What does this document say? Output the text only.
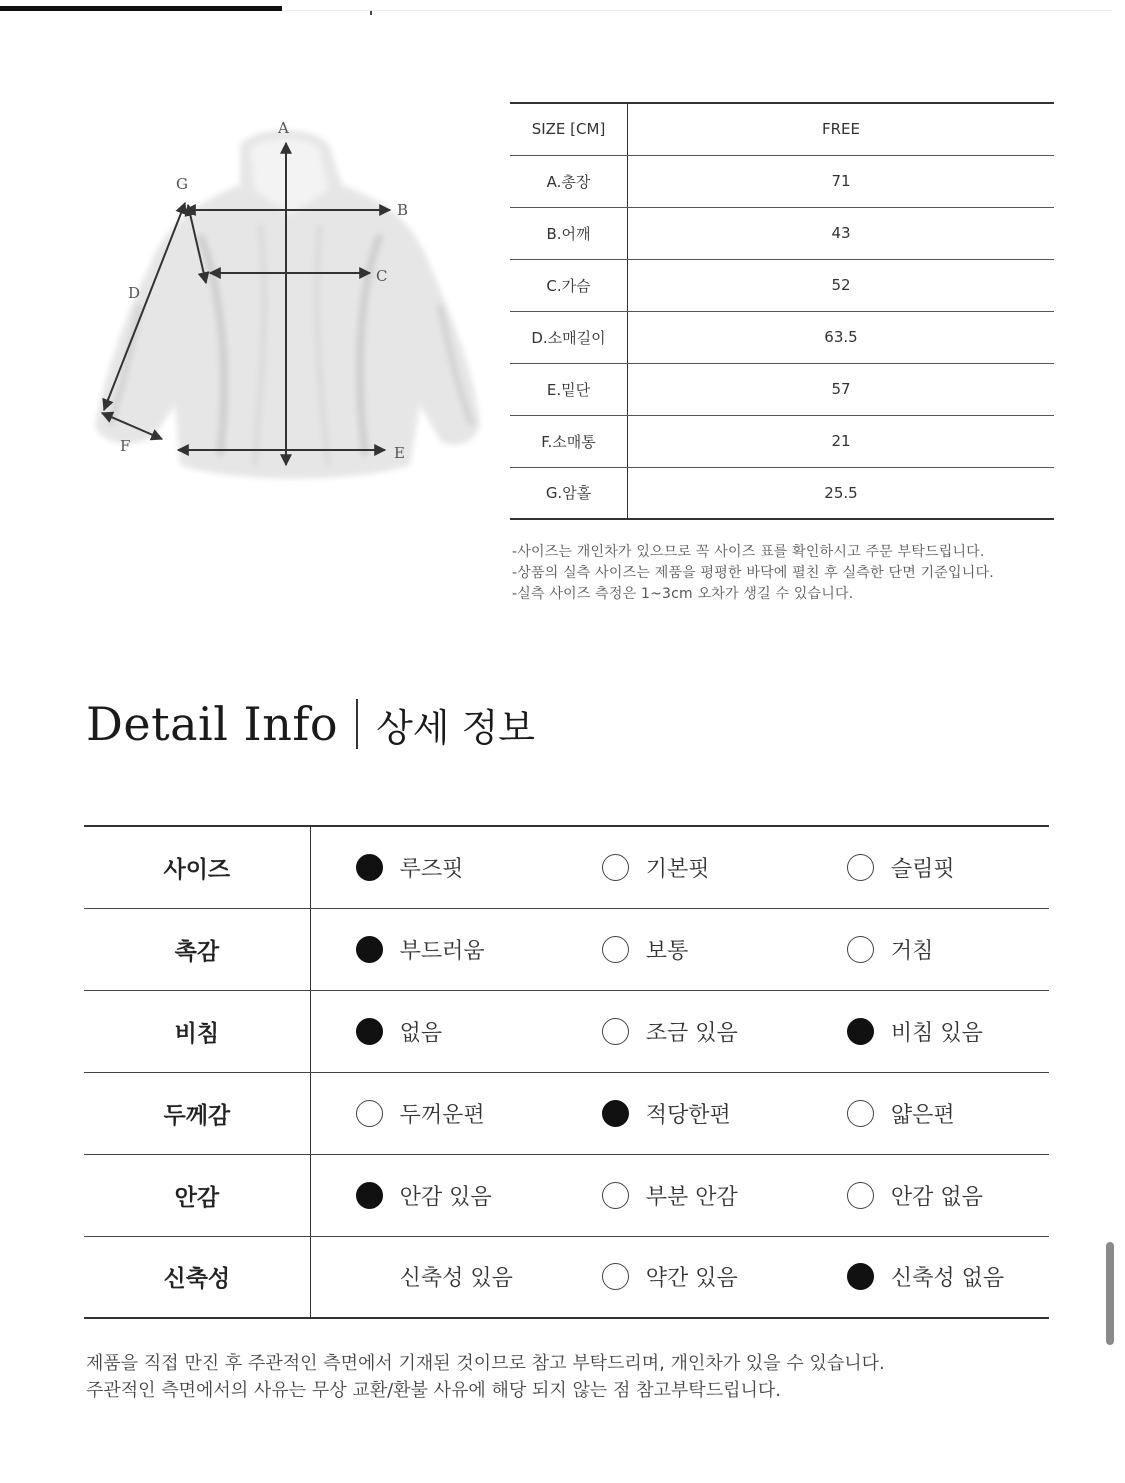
A
B
C
D
E
F
G
SIZE [CM]	FREE
A.총장	71
B.어깨	43
C.가슴	52
D.소매길이	63.5
E.밑단	57
F.소매통	21
G.암홀	25.5
-사이즈는 개인차가 있으므로 꼭 사이즈 표를 확인하시고 주문 부탁드립니다.
-상품의 실측 사이즈는 제품을 평평한 바닥에 펼친 후 실측한 단면 기준입니다.
-실측 사이즈 측정은 1~3cm 오차가 생길 수 있습니다.
Detail Info 상세 정보
사이즈	루즈핏	기본핏	슬림핏

촉감	부드러움	보통	거침

비침	없음	조금 있음	비침 있음

두께감	두꺼운편	적당한편	얇은편

안감	안감 있음	부분 안감	안감 없음

신축성	신축성 있음	약간 있음	신축성 없음
제품을 직접 만진 후 주관적인 측면에서 기재된 것이므로 참고 부탁드리며, 개인차가 있을 수 있습니다.
주관적인 측면에서의 사유는 무상 교환/환불 사유에 해당 되지 않는 점 참고부탁드립니다.
